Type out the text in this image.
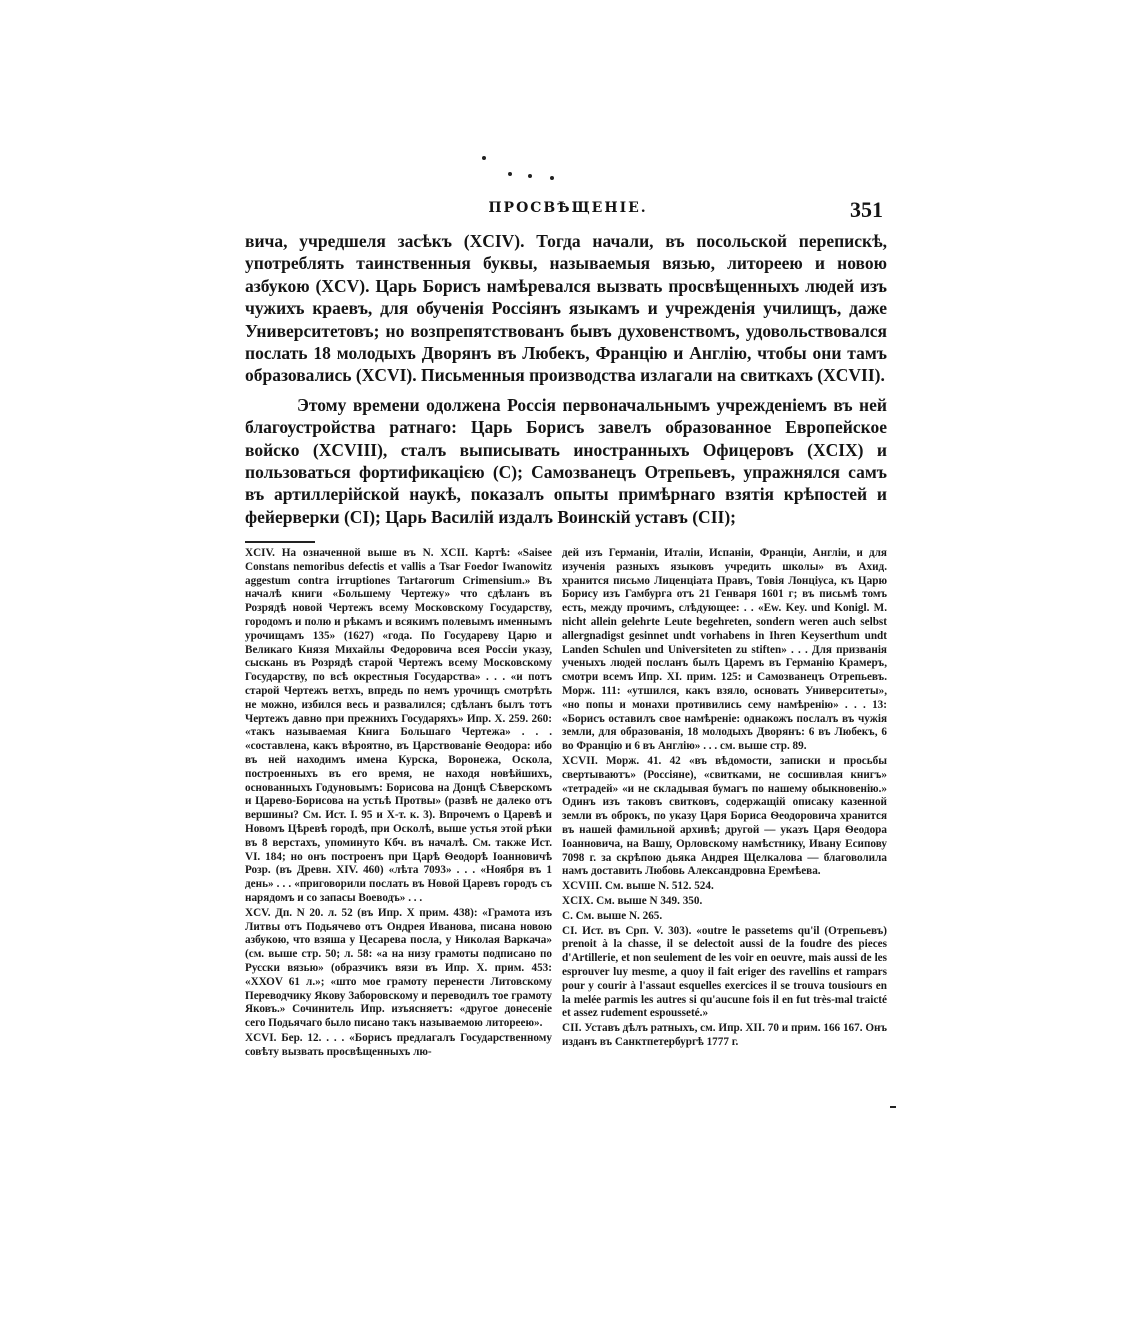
ПРОСВѢЩЕНІЕ.	351

вича, учредшеля засѣкъ (XCIV). Тогда начали, въ посольской перепискѣ, употреблять таинственныя буквы, называемыя вязью, литореею и новою азбукою (XCV). Царь Борисъ намѣревался вызвать просвѣщенныхъ людей изъ чужихъ краевъ, для обученія Россіянъ языкамъ и учрежденія училищъ, даже Университетовъ; но возпрепятствованъ бывъ духовенствомъ, удовольствовался послать 18 молодыхъ Дворянъ въ Любекъ, Францію и Англію, чтобы они тамъ образовались (XCVI). Письменныя производства излагали на свиткахъ (XCVII).

Этому времени одолжена Россія первоначальнымъ учрежденіемъ въ ней благоустройства ратнаго: Царь Борисъ завелъ образованное Европейское войско (XCVIII), сталъ выписывать иностранныхъ Офицеровъ (XCIX) и пользоваться фортификацією (C); Самозванецъ Отрепьевъ, упражнялся самъ въ артиллерійской наукѣ, показалъ опыты примѣрнаго взятія крѣпостей и фейерверки (CI); Царь Василій издалъ Воинскій уставъ (CII);

XCIV. На означенной выше въ N. XCII. Картѣ: «Saisee Constans nemoribus defectis et vallis a Tsar Foedor Iwanowitz aggestum contra irruptiones Tartarorum Crimensium.» Въ началѣ книги «Большему Чертежу» что сдѣланъ въ Розрядѣ новой Чертежъ всему Московскому Государству, городомъ и полю и рѣкамъ и всякимъ полевымъ именнымъ урочищамъ 135» (1627) «года. По Государеву Царю и Великаго Князя Михайлы Федоровича всея Россіи указу, сыскань въ Розрядѣ старой Чертежъ всему Московскому Государству, по всѣ окрестныя Государства» . . . «и потъ старой Чертежъ ветхъ, впредь по немъ урочищъ смотрѣть не можно, избился весь и развалился; сдѣланъ былъ тотъ Чертежъ давно при прежнихъ Государяхъ» Ипр. Х. 259. 260: «такъ называемая Книга Большаго Чертежа» . . . «составлена, какъ вѣроятно, въ Царствованіе Ѳеодора: ибо въ ней находимъ имена Курска, Воронежа, Оскола, построенныхъ въ его время, не находя новѣйшихъ, основанныхъ Годуновымъ: Борисова на Донцѣ Сѣверскомъ и Царево-Борисова на устьѣ Протвы» (развѣ не далеко отъ вершины? См. Ист. I. 95 и Х-т. к. 3). Впрочемъ о Царевѣ и Новомъ Цѣревѣ городѣ, при Осколѣ, выше устья этой рѣки въ 8 верстахъ, упоминуто Кбч. въ началѣ. См. также Ист. VI. 184; но онъ построенъ при Царѣ Ѳеодорѣ Іоанновичѣ Розр. (въ Древн. XIV. 460) «лѣта 7093» . . . «Ноября въ 1 день» . . . «приговорили послать въ Новой Царевъ городъ съ нарядомъ и со запасы Воеводъ» . . .

XCV. Дп. N 20. л. 52 (въ Ипр. Х прим. 438): «Грамота изъ Литвы отъ Подьячево отъ Ондрея Иванова, писана новою азбукою, что взяша у Цесарева посла, у Николая Варкача» (см. выше стр. 50; л. 58: «а на низу грамоты подписано по Русски вязью» (образчикъ вязи въ Ипр. Х. прим. 453: «ХХОV 61 л.»; «што мое грамоту перенести Литовскому Переводчику Якову Заборовскому и переводилъ тое грамоту Яковъ.» Сочинитель Ипр. изъясняетъ: «другое донесеніе сего Подьячаго было писано такъ называемою литореею».

XCVI. Бер. 12. . . . «Борисъ предлагалъ Государственному совѣту вызвать просвѣщенныхъ лю-

дей изъ Германіи, Италіи, Испаніи, Франціи, Англіи, и для изученія разныхъ языковъ учредить школы» въ Ахид. хранится письмо Лиценціата Правъ, Товія Лонціуса, къ Царю Борису изъ Гамбурга отъ 21 Генваря 1601 г; въ письмѣ томъ есть, между прочимъ, слѣдующее: . . «Ew. Key. und Konigl. M. nicht allein gelehrte Leute begehreten, sondern weren auch selbst allergnadigst gesinnet undt vorhabens in Ihren Keyserthum undt Landen Schulen und Universiteten zu stiften» . . . Для призванія ученыхъ людей посланъ былъ Царемъ въ Германію Крамеръ, смотри всемъ Ипр. XI. прим. 125: и Самозванецъ Отрепьевъ. Морж. 111: «утшился, какъ взяло, основать Университеты», «но попы и монахи противились сему намѣренію» . . . 13: «Борисъ оставилъ свое намѣреніе: однакожъ послалъ въ чужія земли, для образованія, 18 молодыхъ Дворянъ: 6 въ Любекъ, 6 во Францію и 6 въ Англію» . . . см. выше стр. 89.

XCVII. Морж. 41. 42 «въ вѣдомости, записки и просьбы свертываютъ» (Россіяне), «свитками, не сосшивлая книгъ» «тетрадей» «и не складывая бумагъ по нашему обыкновенію.» Одинъ изъ таковъ свитковъ, содержащій описаку казенной земли въ оброкъ, по указу Царя Бориса Ѳеодоровича хранится въ нашей фамильной архивѣ; другой — указъ Царя Ѳеодора Іоанновича, на Вашу, Орловскому намѣстнику, Ивану Есипову 7098 г. за скрѣпою дьяка Андрея Щелкалова — благоволила намъ доставить Любовь Александровна Еремѣева.

XCVIII. См. выше N. 512. 524.

XCIX. См. выше N 349. 350.

C. См. выше N. 265.

CI. Ист. въ Срп. V. 303). «outre le passetems qu'il (Отрепьевъ) prenoit à la chasse, il se delectoit aussi de la foudre des pieces d'Artillerie, et non seulement de les voir en oeuvre, mais aussi de les esprouver luy mesme, a quoy il fait eriger des ravellins et rampars pour y courir à l'assaut esquelles exercices il se trouva tousiours en la melée parmis les autres si qu'aucune fois il en fut très-mal traicté et assez rudement espousseté.»

CII. Уставъ дѣлъ ратныхъ, см. Ипр. XII. 70 и прим. 166 167. Онъ изданъ въ Санктпетербургѣ 1777 г.
